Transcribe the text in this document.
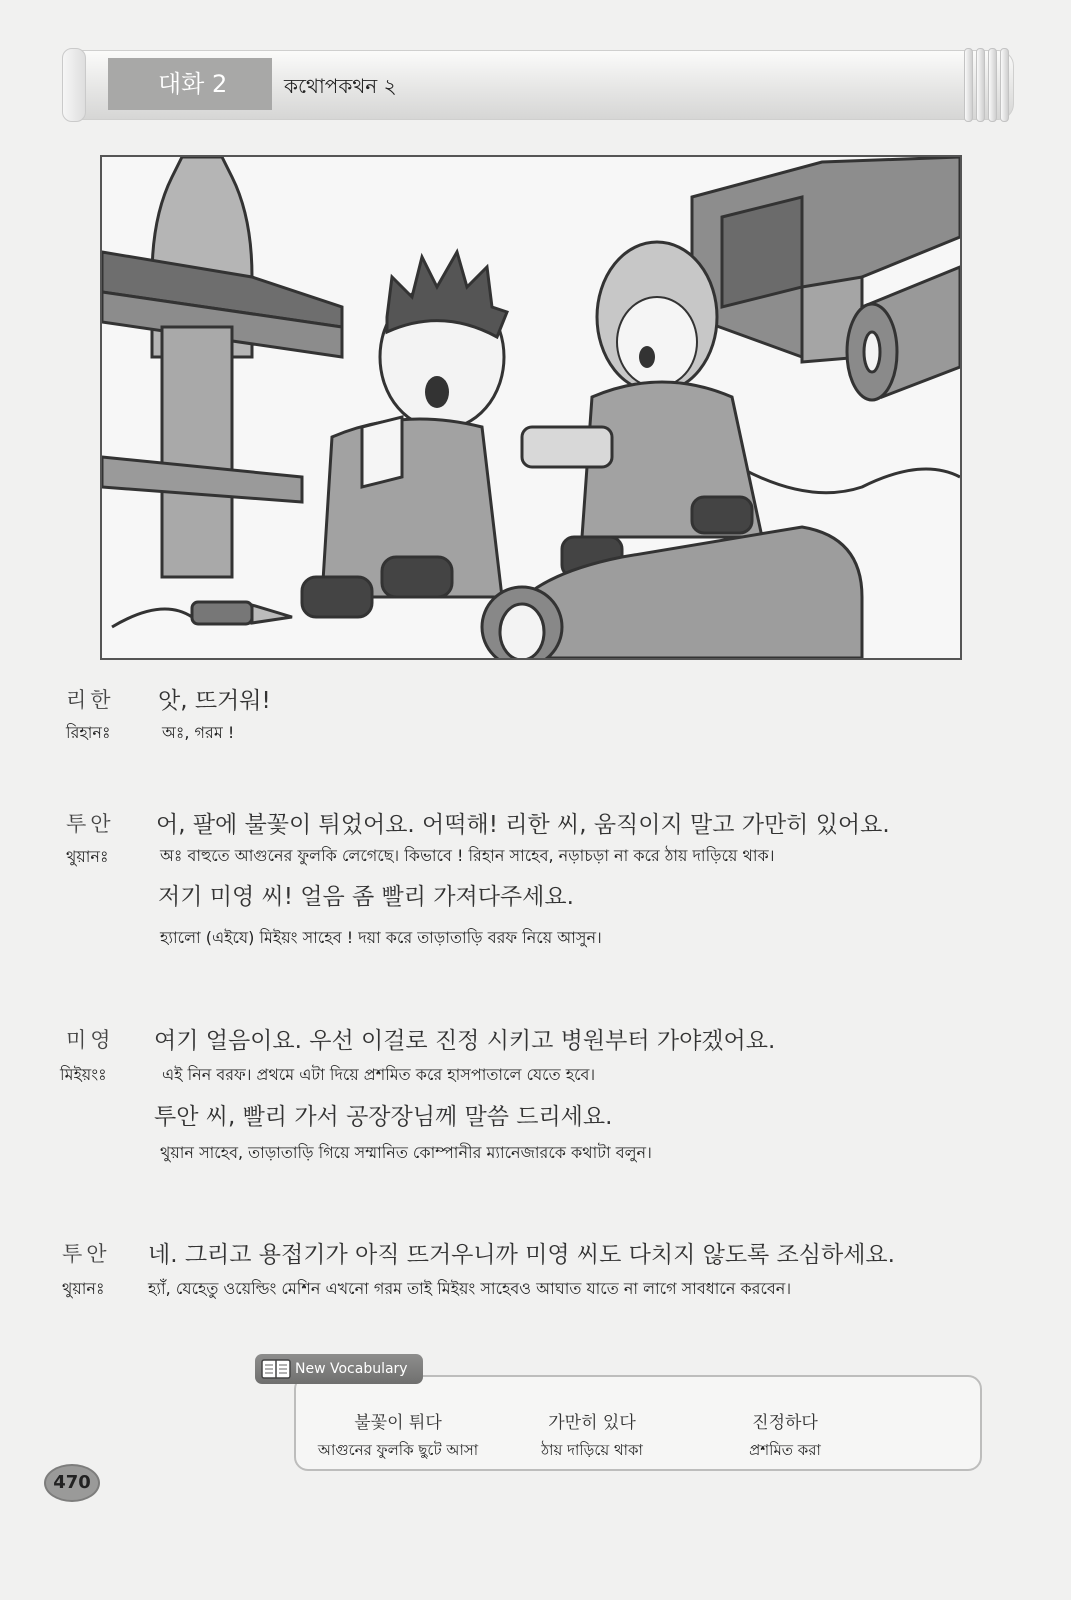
대화 2	কথোপকথন ২
리한
রিহানঃ
앗, 뜨거워!
অঃ, গরম !
투안
থুয়ানঃ
어, 팔에 불꽃이 튀었어요. 어떡해! 리한 씨, 움직이지 말고 가만히 있어요.
অঃ বাহুতে আগুনের ফুলকি লেগেছে। কিভাবে ! রিহান সাহেব, নড়াচড়া না করে ঠায় দাড়িয়ে থাক।
저기 미영 씨! 얼음 좀 빨리 가져다주세요.
হ্যালো (এইযে) মিইয়ং সাহেব ! দয়া করে তাড়াতাড়ি বরফ নিয়ে আসুন।
미영
মিইয়ংঃ
여기 얼음이요. 우선 이걸로 진정 시키고 병원부터 가야겠어요.
এই নিন বরফ। প্রথমে এটা দিয়ে প্রশমিত করে হাসপাতালে যেতে হবে।
투안 씨, 빨리 가서 공장장님께 말씀 드리세요.
থুয়ান সাহেব, তাড়াতাড়ি গিয়ে সম্মানিত কোম্পানীর ম্যানেজারকে কথাটা বলুন।
투안
থুয়ানঃ
네. 그리고 용접기가 아직 뜨거우니까 미영 씨도 다치지 않도록 조심하세요.
হ্যাঁ, যেহেতু ওয়েল্ডিং মেশিন এখনো গরম তাই মিইয়ং সাহেবও আঘাত যাতে না লাগে সাবধানে করবেন।
New Vocabulary
불꽃이 튀다
আগুনের ফুলকি ছুটে আসা
가만히 있다
ঠায় দাড়িয়ে থাকা
진정하다
প্রশমিত করা
470
